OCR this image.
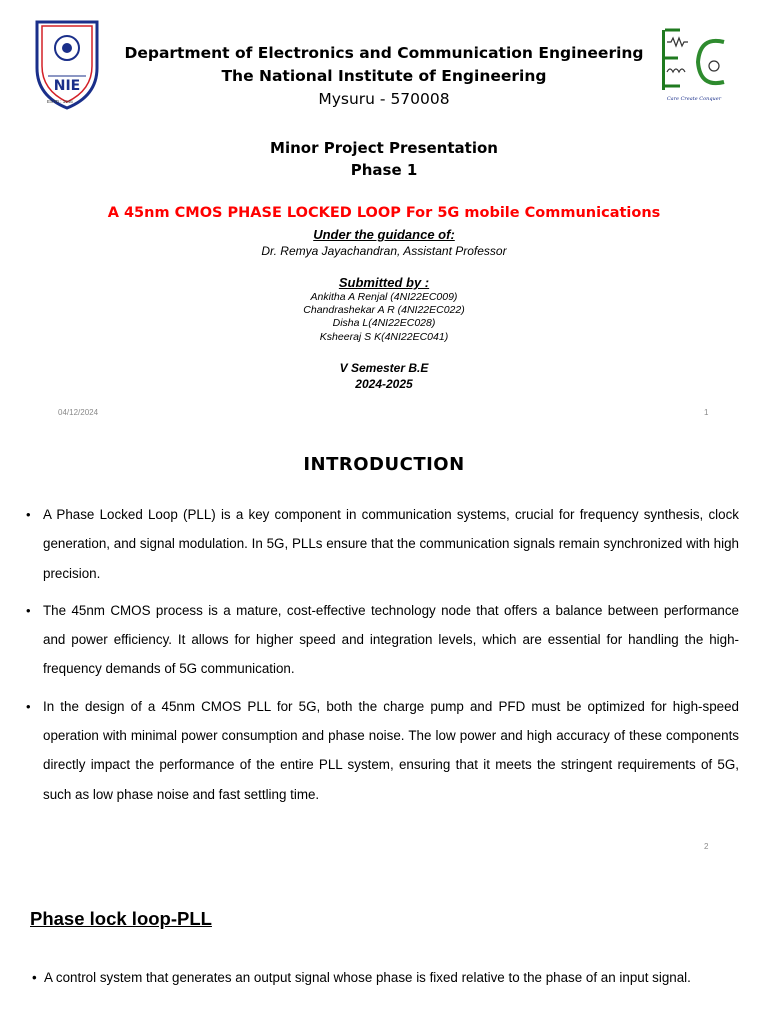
NIE
ESTD : 1946	Care Create Conquer
Department of Electronics and Communication Engineering
The National Institute of Engineering
Mysuru - 570008
Minor Project Presentation
Phase 1
A 45nm CMOS PHASE LOCKED LOOP For 5G mobile Communications
Under the guidance of:
Dr. Remya Jayachandran, Assistant Professor
Submitted by :
Ankitha A Renjal (4NI22EC009)
Chandrashekar A R (4NI22EC022)
Disha L(4NI22EC028)
Ksheeraj S K(4NI22EC041)
V Semester B.E
2024-2025
04/12/2024	1
INTRODUCTION
• A Phase Locked Loop (PLL) is a key component in communication systems, crucial for frequency synthesis, clock generation, and signal modulation. In 5G, PLLs ensure that the communication signals remain synchronized with high precision.
• The 45nm CMOS process is a mature, cost-effective technology node that offers a balance between performance and power efficiency. It allows for higher speed and integration levels, which are essential for handling the high-frequency demands of 5G communication.
• In the design of a 45nm CMOS PLL for 5G, both the charge pump and PFD must be optimized for high-speed operation with minimal power consumption and phase noise. The low power and high accuracy of these components directly impact the performance of the entire PLL system, ensuring that it meets the stringent requirements of 5G, such as low phase noise and fast settling time.
2
Phase lock loop-PLL
• A control system that generates an output signal whose phase is fixed relative to the phase of an input signal.
